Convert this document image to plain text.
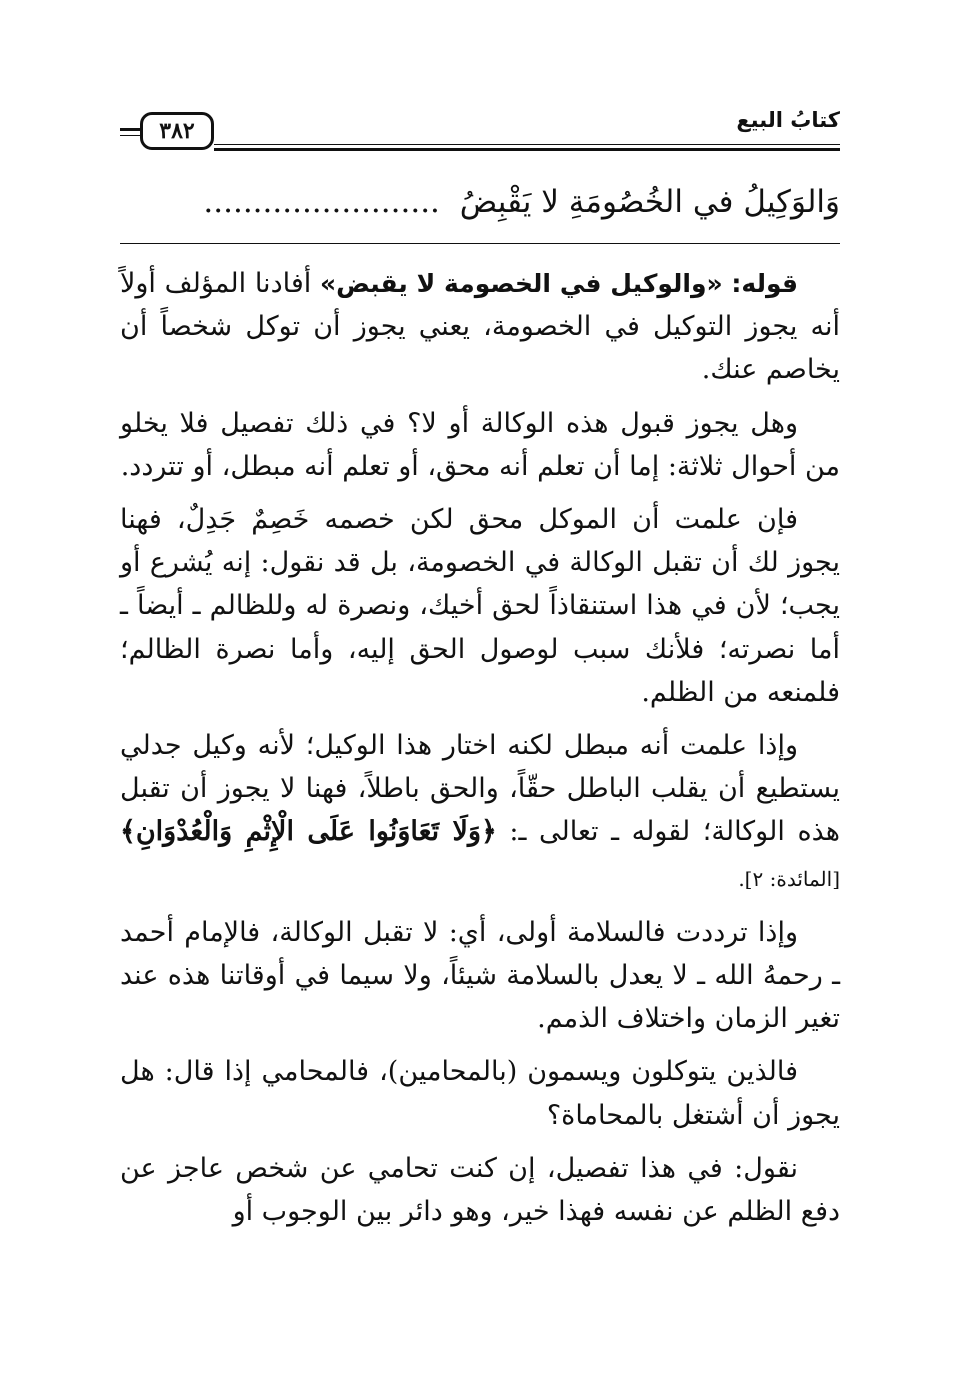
٣٨٢	كتابُ البيع
وَالوَكِيلُ في الخُصُومَةِ لا يَقْبِضُ ........................

قوله: «والوكيل في الخصومة لا يقبض» أفادنا المؤلف أولاً أنه يجوز التوكيل في الخصومة، يعني يجوز أن توكل شخصاً أن يخاصم عنك.

وهل يجوز قبول هذه الوكالة أو لا؟ في ذلك تفصيل فلا يخلو من أحوال ثلاثة: إما أن تعلم أنه محق، أو تعلم أنه مبطل، أو تتردد.

فإن علمت أن الموكل محق لكن خصمه خَصِمٌ جَدِلٌ، فهنا يجوز لك أن تقبل الوكالة في الخصومة، بل قد نقول: إنه يُشرع أو يجب؛ لأن في هذا استنقاذاً لحق أخيك، ونصرة له وللظالم ـ أيضاً ـ أما نصرته؛ فلأنك سبب لوصول الحق إليه، وأما نصرة الظالم؛ فلمنعه من الظلم.

وإذا علمت أنه مبطل لكنه اختار هذا الوكيل؛ لأنه وكيل جدلي يستطيع أن يقلب الباطل حقّاً، والحق باطلاً، فهنا لا يجوز أن تقبل هذه الوكالة؛ لقوله ـ تعالى ـ: ﴿وَلَا تَعَاوَنُوا عَلَى الْإِثْمِ وَالْعُدْوَانِ﴾ [المائدة: ٢].

وإذا ترددت فالسلامة أولى، أي: لا تقبل الوكالة، فالإمام أحمد ـ رحمهُ الله ـ لا يعدل بالسلامة شيئاً، ولا سيما في أوقاتنا هذه عند تغير الزمان واختلاف الذمم.

فالذين يتوكلون ويسمون (بالمحامين)، فالمحامي إذا قال: هل يجوز أن أشتغل بالمحاماة؟

نقول: في هذا تفصيل، إن كنت تحامي عن شخص عاجز عن دفع الظلم عن نفسه فهذا خير، وهو دائر بين الوجوب أو
